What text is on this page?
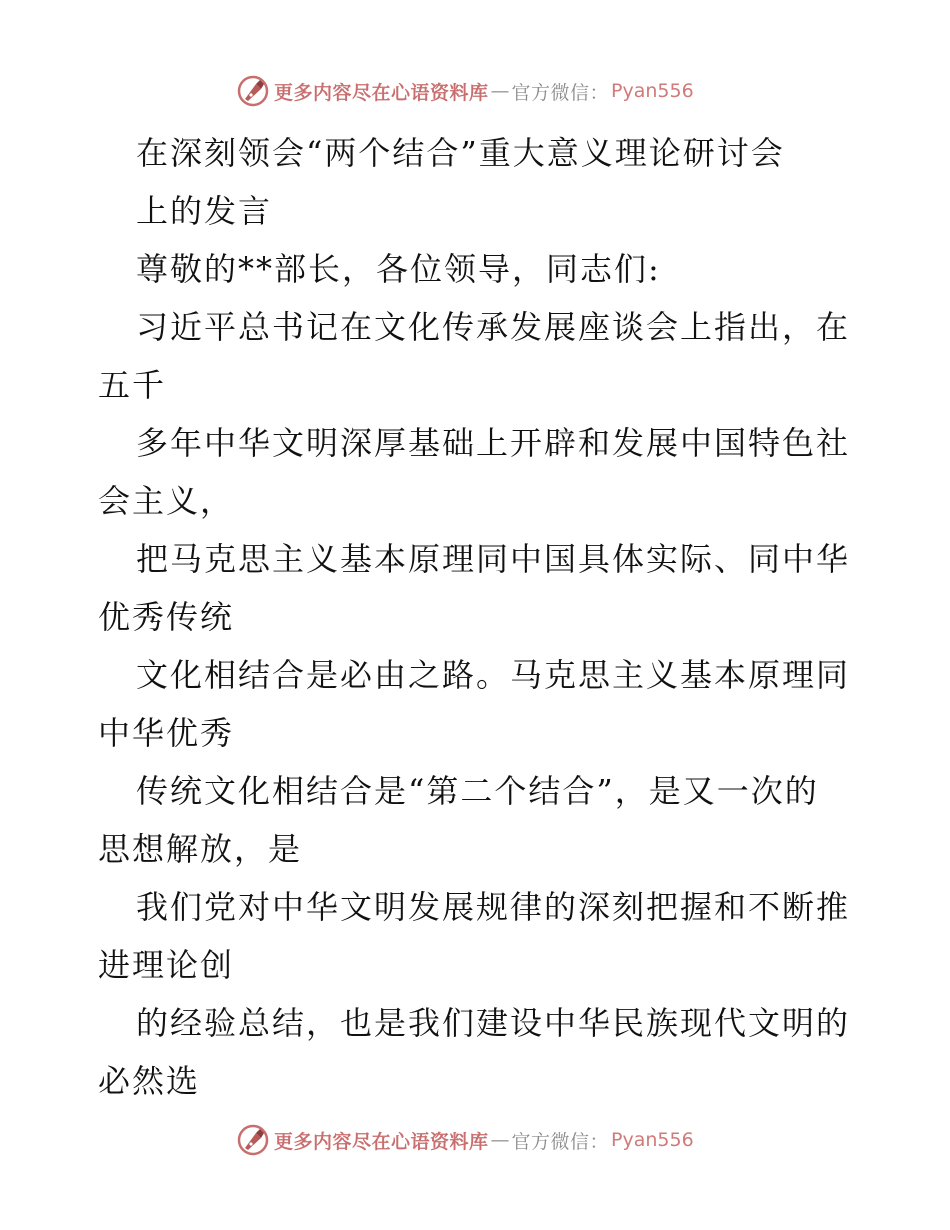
更多内容尽在心语资料库 — 官方微信： Pyan556
在深刻领会“两个结合”重大意义理论研讨会
上的发言
尊敬的**部长，各位领导，同志们:
习近平总书记在文化传承发展座谈会上指出，在
五千
多年中华文明深厚基础上开辟和发展中国特色社
会主义，
把马克思主义基本原理同中国具体实际、同中华
优秀传统
文化相结合是必由之路。马克思主义基本原理同
中华优秀
传统文化相结合是“第二个结合”，是又一次的
思想解放，是
我们党对中华文明发展规律的深刻把握和不断推
进理论创
的经验总结，也是我们建设中华民族现代文明的
必然选
更多内容尽在心语资料库 — 官方微信： Pyan556
